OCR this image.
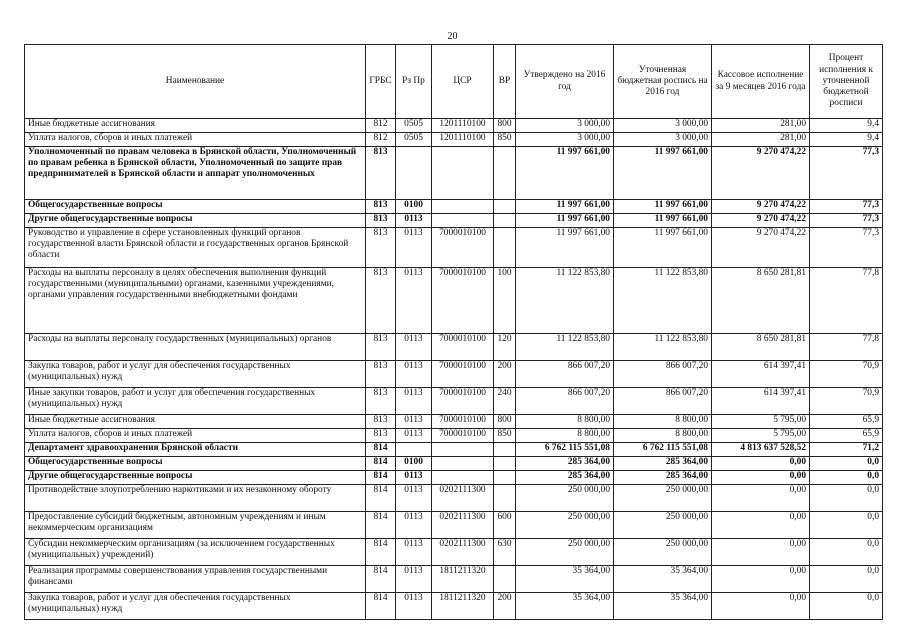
20
Наименование	ГРБС	Рз Пр	ЦСР	ВР	Утверждено на 2016 год	Уточненная бюджетная роспись на 2016 год	Кассовое исполнение за 9 месяцев 2016 года	Процент исполнения к уточненной бюджетной росписи
Иные бюджетные ассигнования	812	0505	1201110100	800	3 000,00	3 000,00	281,00	9,4
Уплата налогов, сборов и иных платежей	812	0505	1201110100	850	3 000,00	3 000,00	281,00	9,4
Уполномоченный по правам человека в Брянской области, Уполномоченный по правам ребенка в Брянской области, Уполномоченный по защите прав предпринимателей в Брянской области и аппарат уполномоченных	813				11 997 661,00	11 997 661,00	9 270 474,22	77,3
Общегосударственные вопросы	813	0100			11 997 661,00	11 997 661,00	9 270 474,22	77,3
Другие общегосударственные вопросы	813	0113			11 997 661,00	11 997 661,00	9 270 474,22	77,3
Руководство и управление в сфере установленных функций органов государственной власти Брянской области и государственных органов Брянской области	813	0113	7000010100		11 997 661,00	11 997 661,00	9 270 474,22	77,3
Расходы на выплаты персоналу в целях обеспечения выполнения функций государственными (муниципальными) органами, казенными учреждениями, органами управления государственными внебюджетными фондами	813	0113	7000010100	100	11 122 853,80	11 122 853,80	8 650 281,81	77,8
Расходы на выплаты персоналу государственных (муниципальных) органов	813	0113	7000010100	120	11 122 853,80	11 122 853,80	8 650 281,81	77,8
Закупка товаров, работ и услуг для обеспечения государственных (муниципальных) нужд	813	0113	7000010100	200	866 007,20	866 007,20	614 397,41	70,9
Иные закупки товаров, работ и услуг для обеспечения государственных (муниципальных) нужд	813	0113	7000010100	240	866 007,20	866 007,20	614 397,41	70,9
Иные бюджетные ассигнования	813	0113	7000010100	800	8 800,00	8 800,00	5 795,00	65,9
Уплата налогов, сборов и иных платежей	813	0113	7000010100	850	8 800,00	8 800,00	5 795,00	65,9
Департамент здравоохранения Брянской области	814				6 762 115 551,08	6 762 115 551,08	4 813 637 528,52	71,2
Общегосударственные вопросы	814	0100			285 364,00	285 364,00	0,00	0,0
Другие общегосударственные вопросы	814	0113			285 364,00	285 364,00	0,00	0,0
Противодействие злоупотреблению наркотиками и их незаконному обороту	814	0113	0202111300		250 000,00	250 000,00	0,00	0,0
Предоставление субсидий бюджетным, автономным учреждениям и иным некоммерческим организациям	814	0113	0202111300	600	250 000,00	250 000,00	0,00	0,0
Субсидии некоммерческим организациям (за исключением государственных (муниципальных) учреждений)	814	0113	0202111300	630	250 000,00	250 000,00	0,00	0,0
Реализация программы совершенствования управления государственными финансами	814	0113	1811211320		35 364,00	35 364,00	0,00	0,0
Закупка товаров, работ и услуг для обеспечения государственных (муниципальных) нужд	814	0113	1811211320	200	35 364,00	35 364,00	0,00	0,0
